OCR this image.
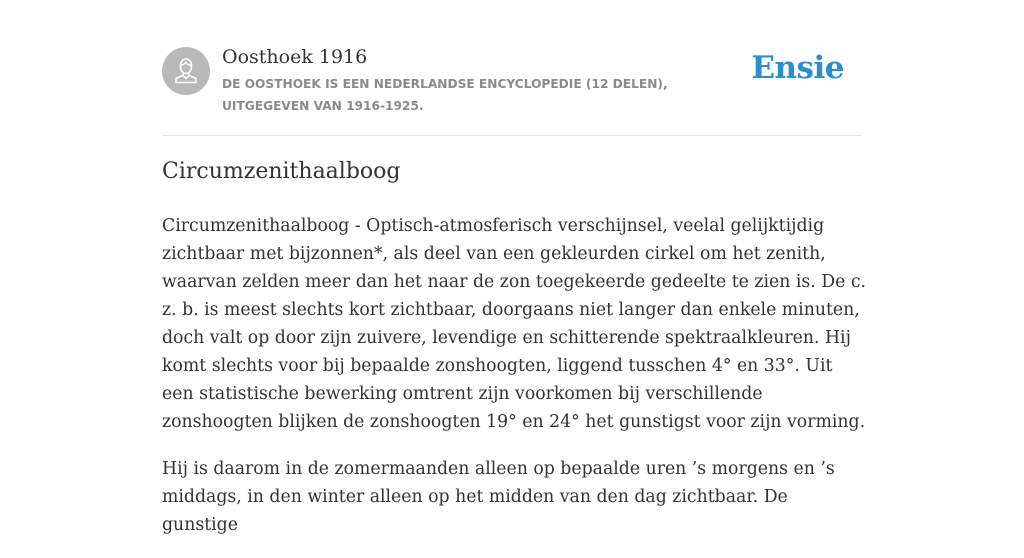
Oosthoek 1916
DE OOSTHOEK IS EEN NEDERLANDSE ENCYCLOPEDIE (12 DELEN), UITGEGEVEN VAN 1916-1925.
Ensie
Circumzenithaalboog

Circumzenithaalboog - Optisch-atmosferisch verschijnsel, veelal gelijktijdig zichtbaar met bijzonnen*, als deel van een gekleurden cirkel om het zenith, waarvan zelden meer dan het naar de zon toegekeerde gedeelte te zien is. De c. z. b. is meest slechts kort zichtbaar, doorgaans niet langer dan enkele minuten, doch valt op door zijn zuivere, levendige en schitterende spektraalkleuren. Hij komt slechts voor bij bepaalde zonshoogten, liggend tusschen 4° en 33°. Uit een statistische bewerking omtrent zijn voorkomen bij verschillende zonshoogten blijken de zonshoogten 19° en 24° het gunstigst voor zijn vorming.

Hij is daarom in de zomermaanden alleen op bepaalde uren ’s morgens en ’s middags, in den winter alleen op het midden van den dag zichtbaar. De gunstige
